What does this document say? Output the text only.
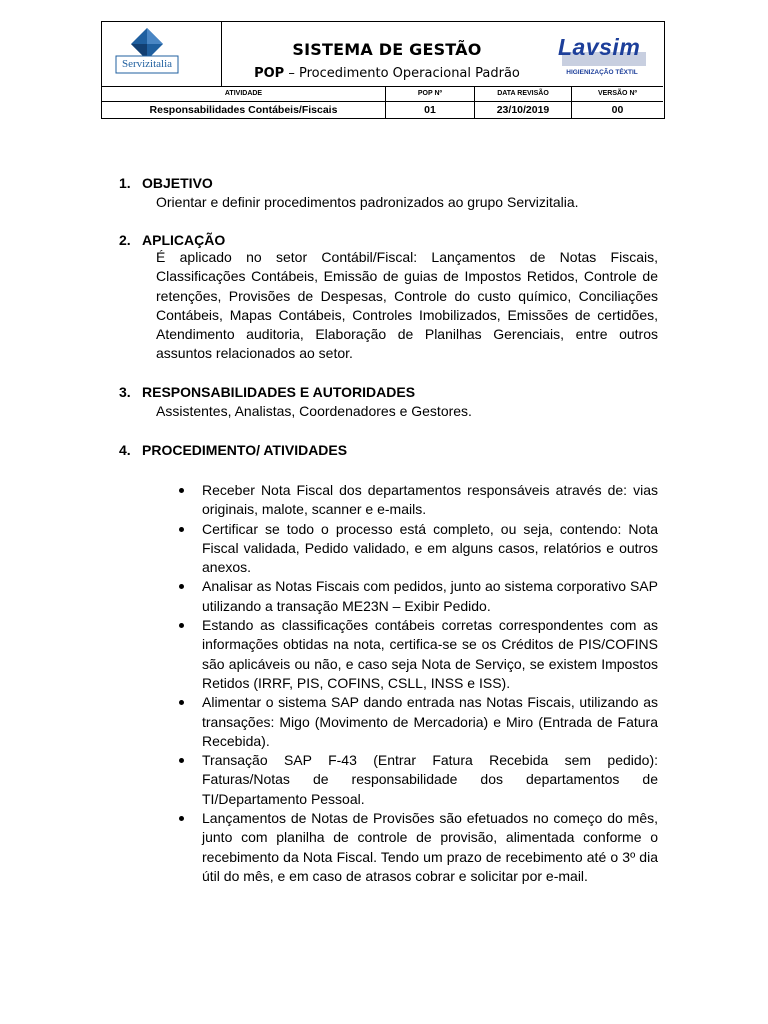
Servizitalia
SISTEMA DE GESTÃO
POP – Procedimento Operacional Padrão
Lavsim
HIGIENIZAÇÃO TÊXTIL
ATIVIDADE	POP Nº	DATA REVISÃO	VERSÃO Nº
Responsabilidades Contábeis/Fiscais	01	23/10/2019	00
1. OBJETIVO
Orientar e definir procedimentos padronizados ao grupo Servizitalia.
2. APLICAÇÃO
É aplicado no setor Contábil/Fiscal: Lançamentos de Notas Fiscais, Classificações Contábeis, Emissão de guias de Impostos Retidos, Controle de retenções, Provisões de Despesas, Controle do custo químico, Conciliações Contábeis, Mapas Contábeis, Controles Imobilizados, Emissões de certidões, Atendimento auditoria, Elaboração de Planilhas Gerenciais, entre outros assuntos relacionados ao setor.
3. RESPONSABILIDADES E AUTORIDADES
Assistentes, Analistas, Coordenadores e Gestores.
4. PROCEDIMENTO/ ATIVIDADES
Receber Nota Fiscal dos departamentos responsáveis através de: vias originais, malote, scanner e e-mails.
Certificar se todo o processo está completo, ou seja, contendo: Nota Fiscal validada, Pedido validado, e em alguns casos, relatórios e outros anexos.
Analisar as Notas Fiscais com pedidos, junto ao sistema corporativo SAP utilizando a transação ME23N – Exibir Pedido.
Estando as classificações contábeis corretas correspondentes com as informações obtidas na nota, certifica-se se os Créditos de PIS/COFINS são aplicáveis ou não, e caso seja Nota de Serviço, se existem Impostos Retidos (IRRF, PIS, COFINS, CSLL, INSS e ISS).
Alimentar o sistema SAP dando entrada nas Notas Fiscais, utilizando as transações: Migo (Movimento de Mercadoria) e Miro (Entrada de Fatura Recebida).
Transação SAP F-43 (Entrar Fatura Recebida sem pedido): Faturas/Notas de responsabilidade dos departamentos de TI/Departamento Pessoal.
Lançamentos de Notas de Provisões são efetuados no começo do mês, junto com planilha de controle de provisão, alimentada conforme o recebimento da Nota Fiscal. Tendo um prazo de recebimento até o 3º dia útil do mês, e em caso de atrasos cobrar e solicitar por e-mail.
